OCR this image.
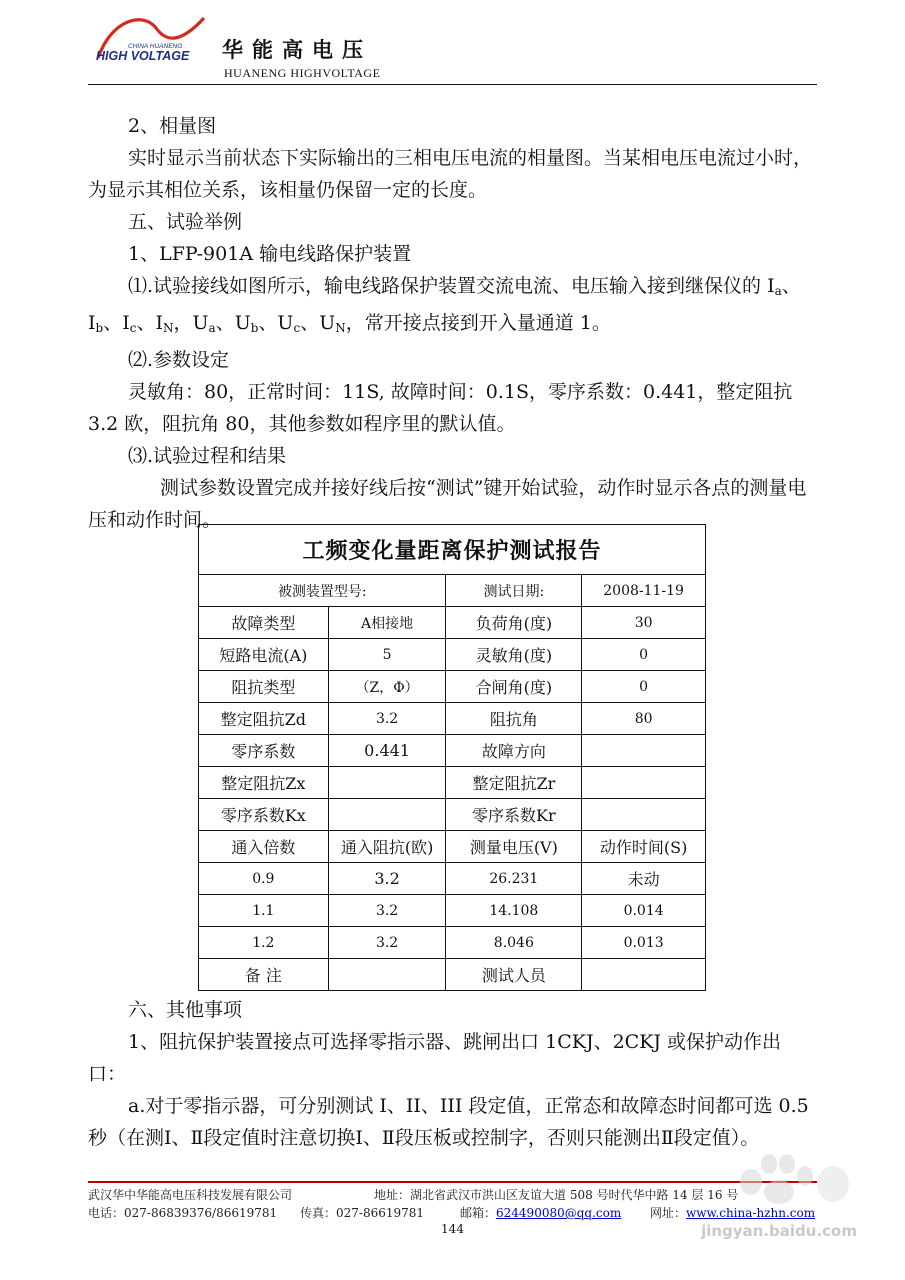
CHINA HUANENG
HIGH VOLTAGE 华能高电压
HUANENG HIGHVOLTAGE

2、相量图

实时显示当前状态下实际输出的三相电压电流的相量图。当某相电压电流过小时，为显示其相位关系，该相量仍保留一定的长度。

五、试验举例

1、LFP-901A 输电线路保护装置

⑴.试验接线如图所示，输电线路保护装置交流电流、电压输入接到继保仪的 $I_a$、$I_b$、$I_c$、$I_N$，$U_a$、$U_b$、$U_c$、$U_N$，常开接点接到开入量通道 1。

⑵.参数设定

灵敏角：80，正常时间：11S, 故障时间：0.1S，零序系数：0.441，整定阻抗 3.2 欧，阻抗角 80，其他参数如程序里的默认值。

⑶.试验过程和结果

测试参数设置完成并接好线后按“测试”键开始试验，动作时显示各点的测量电压和动作时间。

工频变化量距离保护测试报告			
被测装置型号:		测试日期:	2008-11-19
故障类型	A相接地	负荷角(度)	30
短路电流(A)	5	灵敏角(度)	0
阻抗类型	（Z，Φ）	合闸角(度)	0
整定阻抗Zd	3.2	阻抗角	80
零序系数	0.441	故障方向	
整定阻抗Zx		整定阻抗Zr	
零序系数Kx		零序系数Kr	
通入倍数	通入阻抗(欧)	测量电压(V)	动作时间(S)
0.9	3.2	26.231	未动
1.1	3.2	14.108	0.014
1.2	3.2	8.046	0.013
备 注		测试人员	

六、其他事项

1、阻抗保护装置接点可选择零指示器、跳闸出口 1CKJ、2CKJ 或保护动作出口：

a.对于零指示器，可分别测试 I、II、III 段定值，正常态和故障态时间都可选 0.5 秒（在测Ⅰ、Ⅱ段定值时注意切换Ⅰ、Ⅱ段压板或控制字，否则只能测出Ⅱ段定值）。

武汉华中华能高电压科技发展有限公司	地址：湖北省武汉市洪山区友谊大道 508 号时代华中路 14 层 16 号
电话：027-86839376/86619781 传真：027-86619781	邮箱：624490080@qq.com 网址：www.china-hzhn.com
144	jingyan.baidu.com
